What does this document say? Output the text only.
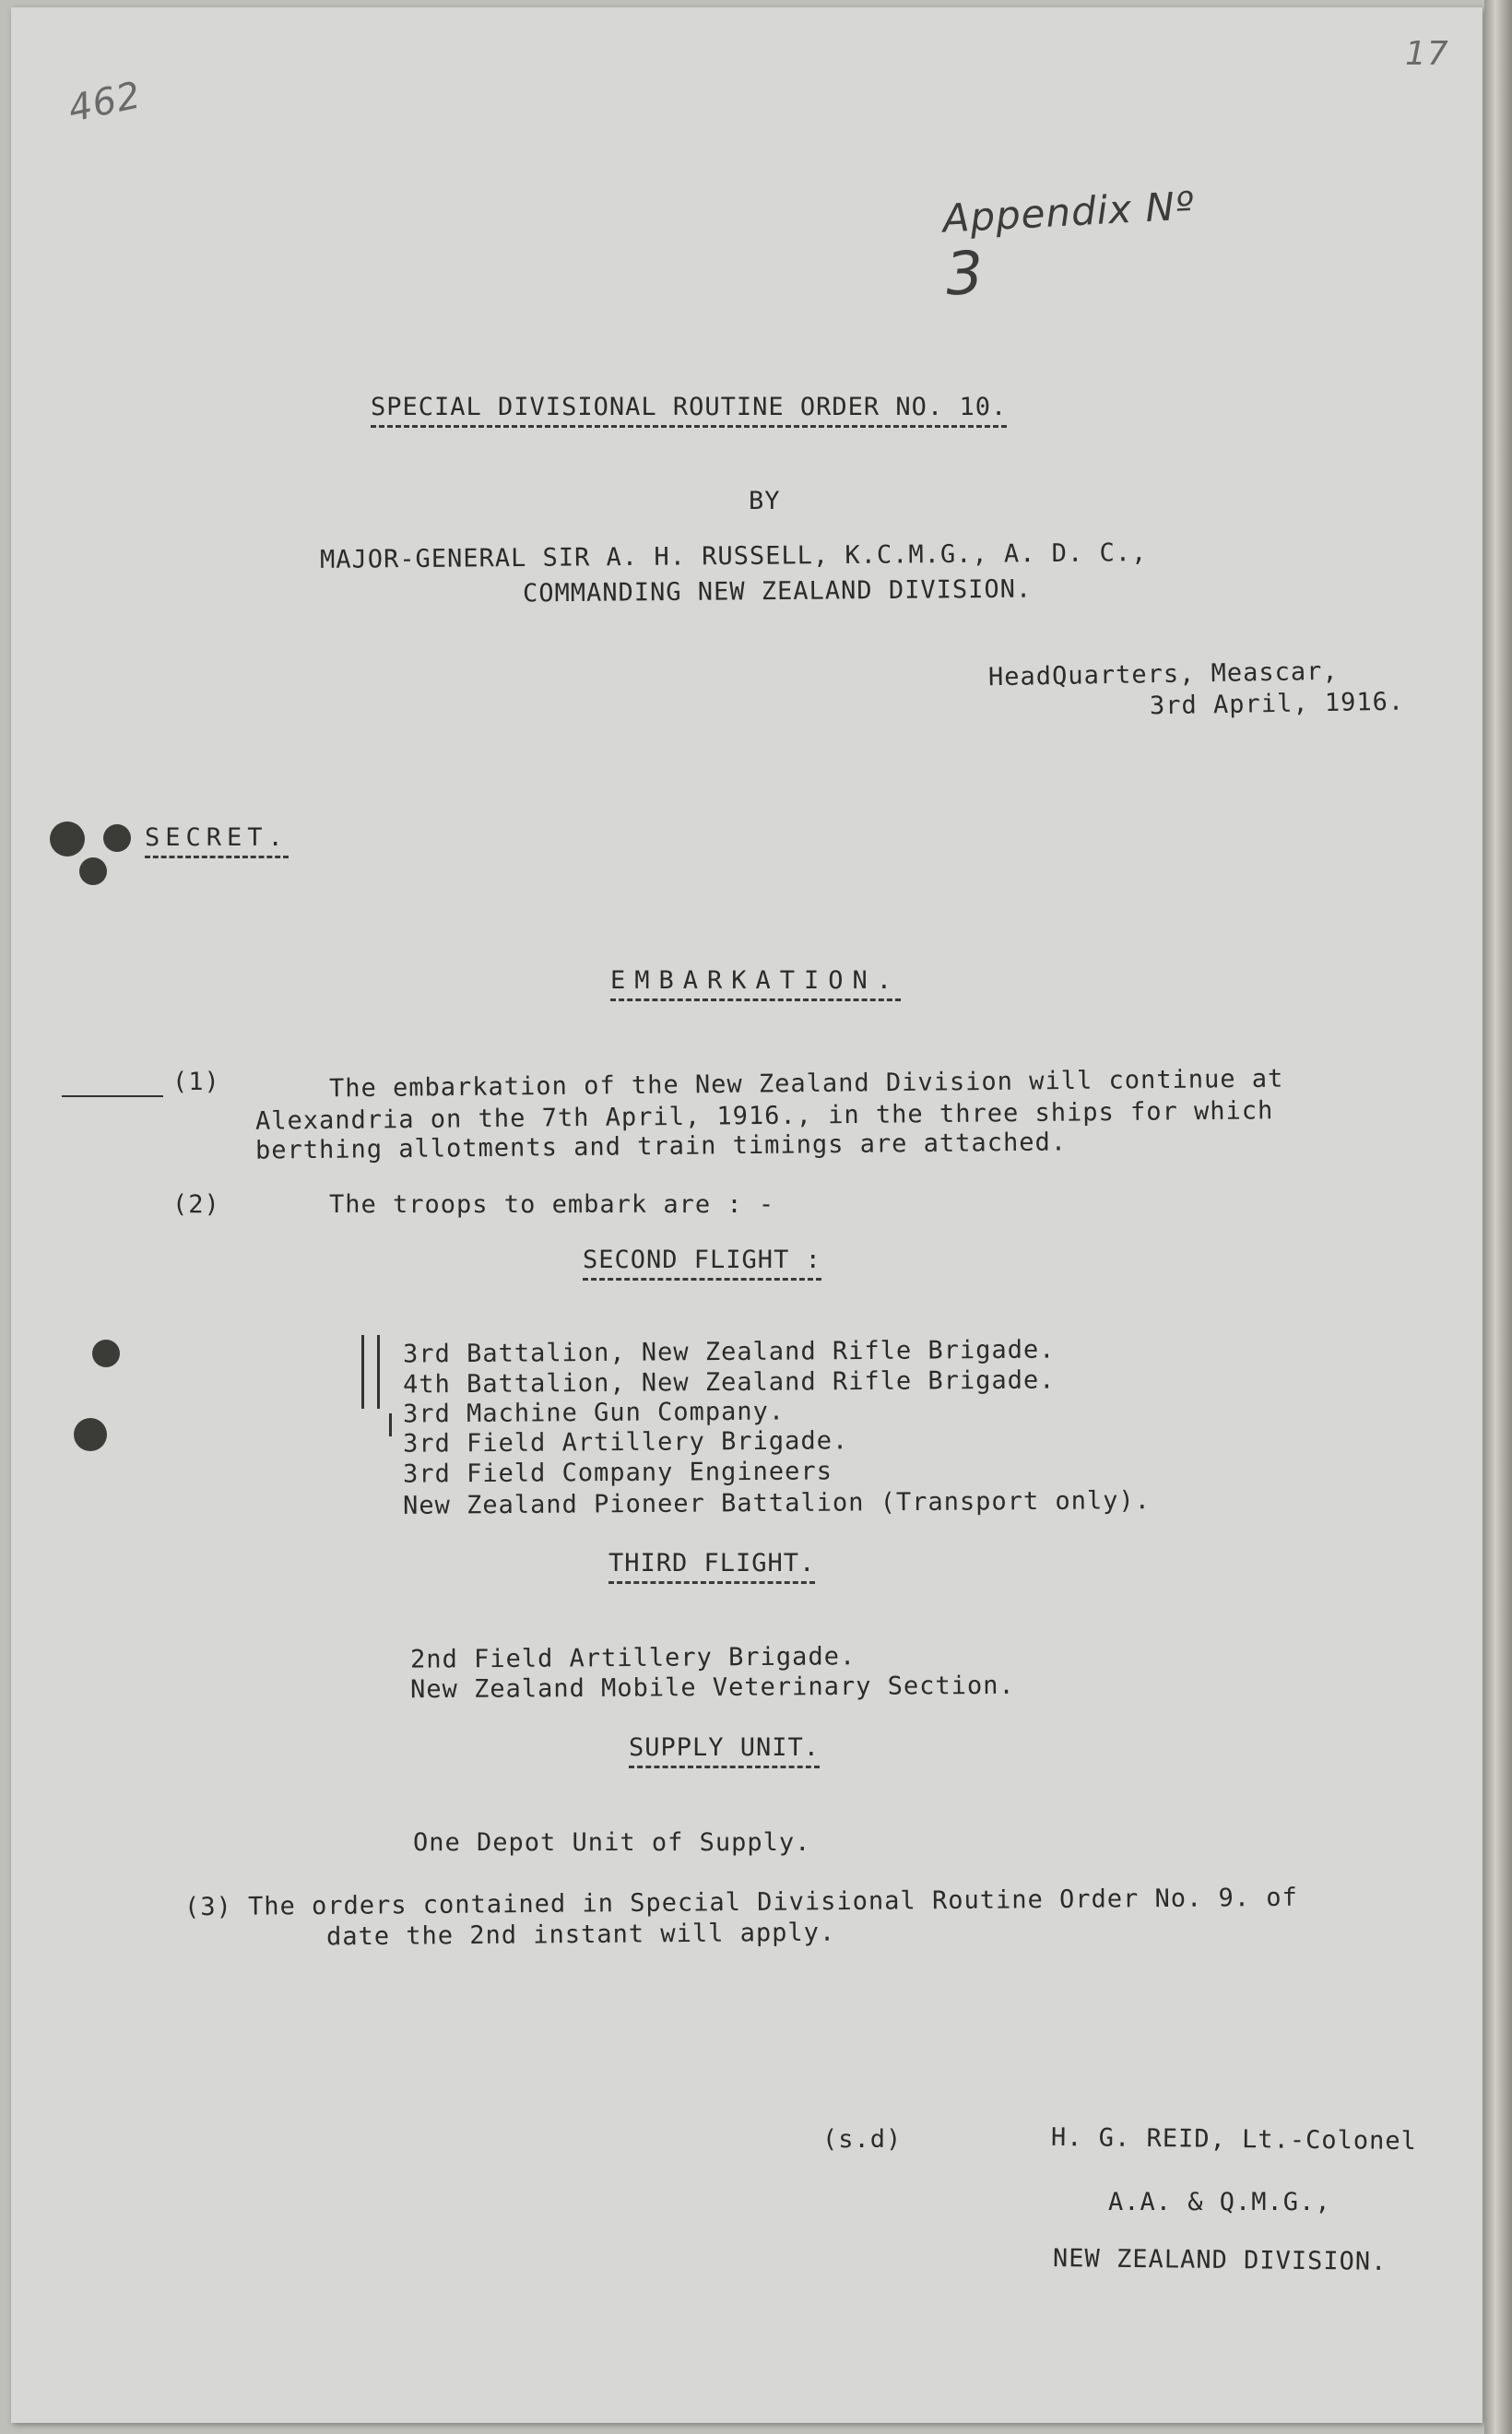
462
17

Appendix Nº
3

SPECIAL DIVISIONAL ROUTINE ORDER NO. 10.
BY
MAJOR-GENERAL SIR A. H. RUSSELL, K.C.M.G., A. D. C.,
COMMANDING NEW ZEALAND DIVISION.
HeadQuarters, Meascar,
3rd April, 1916.
SECRET.
EMBARKATION.
(1)	The embarkation of the New Zealand Division will continue at
Alexandria on the 7th April, 1916., in the three ships for which
berthing allotments and train timings are attached.
(2)	The troops to embark are : -
SECOND FLIGHT :
3rd Battalion, New Zealand Rifle Brigade.
4th Battalion, New Zealand Rifle Brigade.
3rd Machine Gun Company.
3rd Field Artillery Brigade.
3rd Field Company Engineers
New Zealand Pioneer Battalion (Transport only).
THIRD FLIGHT.
2nd Field Artillery Brigade.
New Zealand Mobile Veterinary Section.
SUPPLY UNIT.
One Depot Unit of Supply.
(3) The orders contained in Special Divisional Routine Order No. 9. of
date the 2nd instant will apply.
(s.d)	H. G. REID, Lt.-Colonel
A.A. & Q.M.G.,
NEW ZEALAND DIVISION.
